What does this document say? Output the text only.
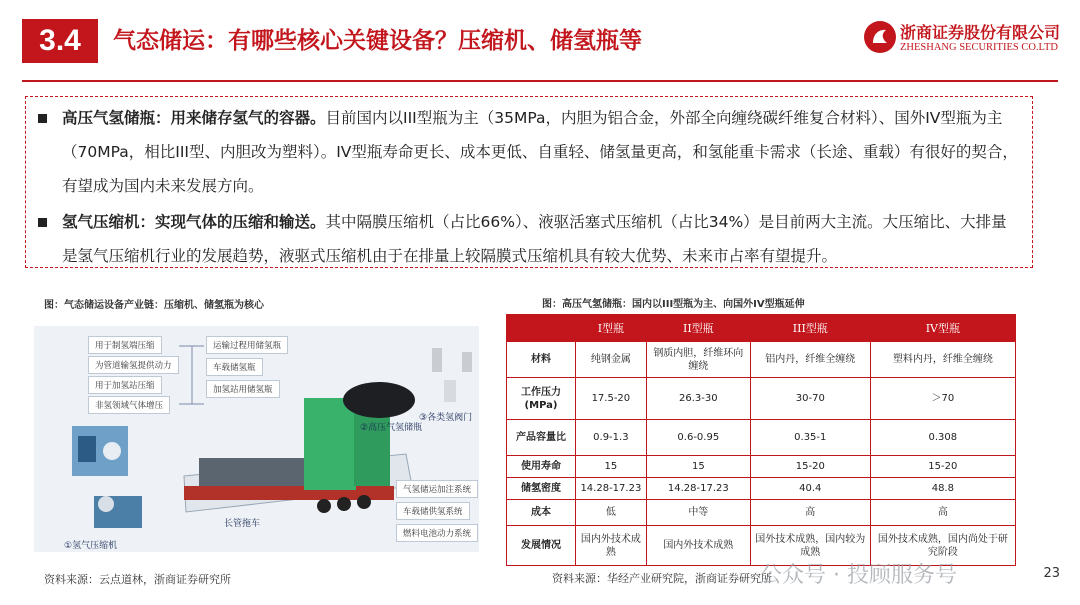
3.4	气态储运：有哪些核心关键设备？压缩机、储氢瓶等	浙商证券股份有限公司
ZHESHANG SECURITIES CO.LTD
高压气氢储瓶：用来储存氢气的容器。目前国内以III型瓶为主（35MPa，内胆为铝合金，外部全向缠绕碳纤维复合材料）、国外IV型瓶为主（70MPa，相比III型、内胆改为塑料）。IV型瓶寿命更长、成本更低、自重轻、储氢量更高，和氢能重卡需求（长途、重载）有很好的契合，有望成为国内未来发展方向。
氢气压缩机：实现气体的压缩和输送。其中隔膜压缩机（占比66%）、液驱活塞式压缩机（占比34%）是目前两大主流。大压缩比、大排量是氢气压缩机行业的发展趋势，液驱式压缩机由于在排量上较隔膜式压缩机具有较大优势、未来市占率有望提升。
图：气态储运设备产业链：压缩机、储氢瓶为核心
用于制氢端压缩
为管道输氢提供动力
用于加氢站压缩
非氢领域气体增压
运输过程用储氢瓶
车载储氢瓶
加氢站用储氢瓶
气氢储运加注系统
车载储供氢系统
燃料电池动力系统
①氢气压缩机
②高压气氢储瓶
③各类氢阀门
长管拖车
资料来源：云点道林，浙商证券研究所
图：高压气氢储瓶：国内以III型瓶为主、向国外IV型瓶延伸
	I型瓶	II型瓶	III型瓶	IV型瓶
材料	纯钢金属	钢质内胆，纤维环向缠绕	铝内丹，纤维全缠绕	塑料内丹，纤维全缠绕
工作压力(MPa)	17.5-20	26.3-30	30-70	＞70
产品容量比	0.9-1.3	0.6-0.95	0.35-1	0.308
使用寿命	15	15	15-20	15-20
储氢密度	14.28-17.23	14.28-17.23	40.4	48.8
成本	低	中等	高	高
发展情况	国内外技术成熟	国内外技术成熟	国外技术成熟，国内较为成熟	国外技术成熟，国内尚处于研究阶段
资料来源：华经产业研究院，浙商证券研究所
公众号 · 投顾服务号	23
